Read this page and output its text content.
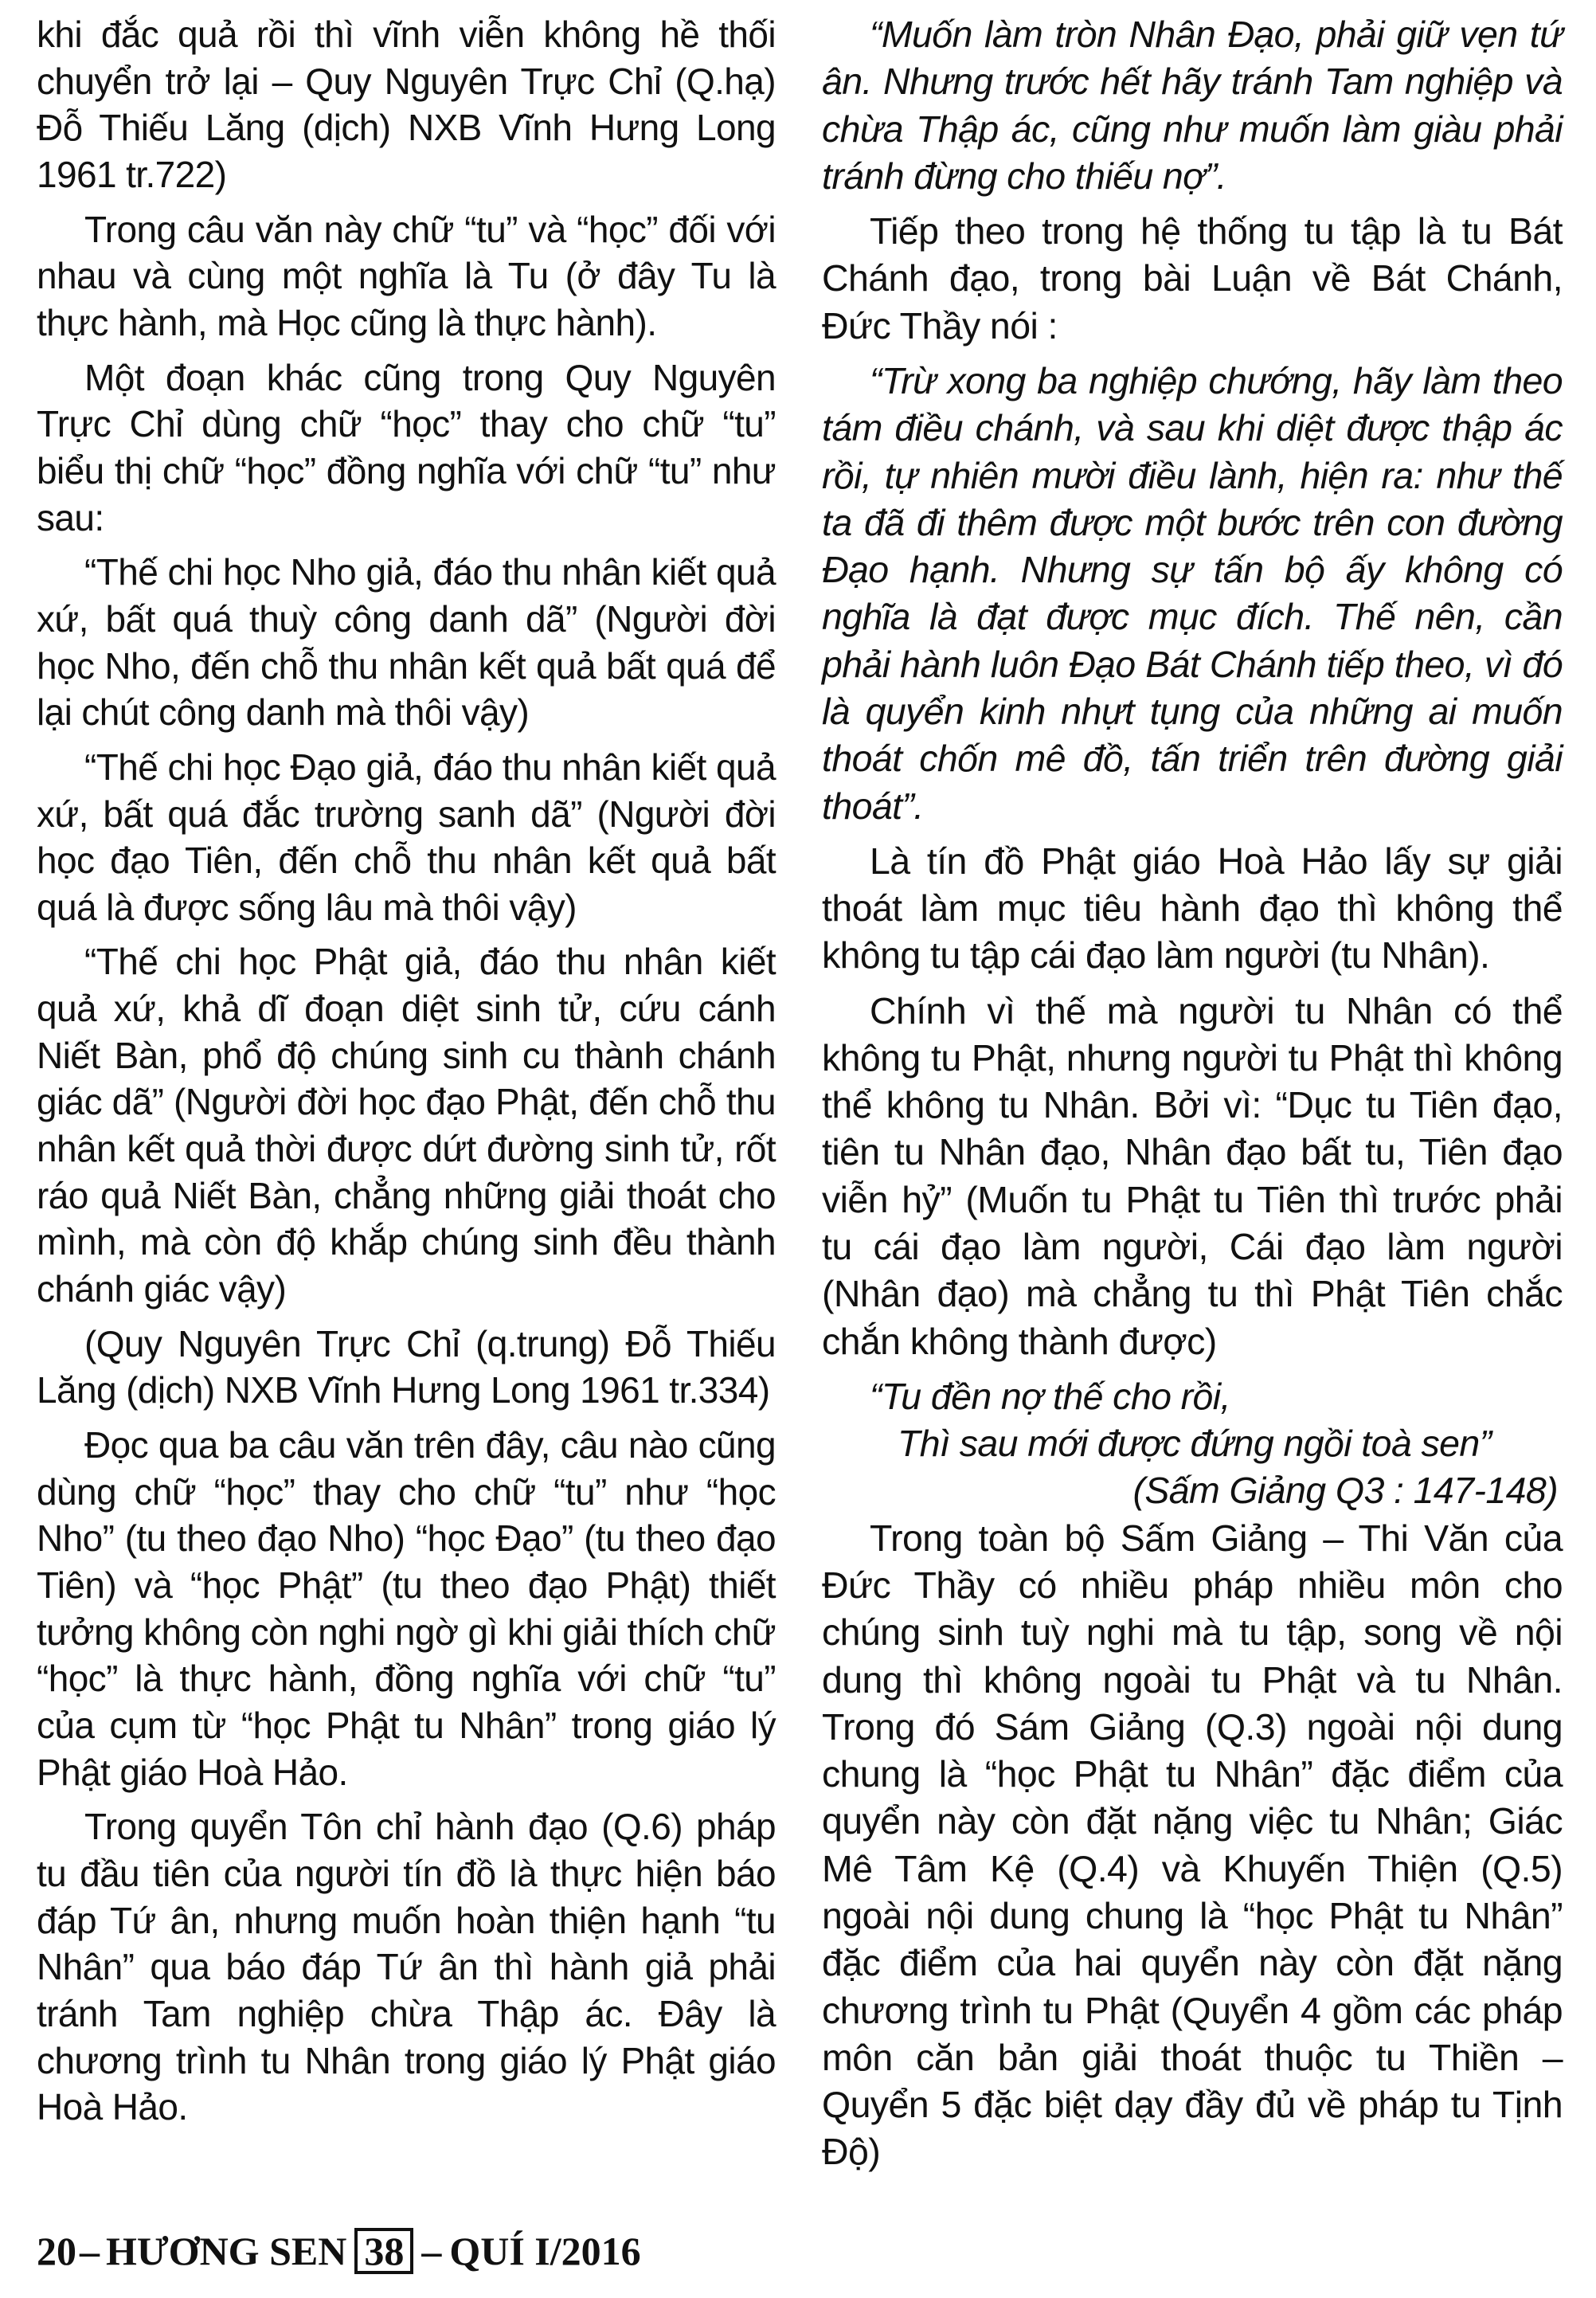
khi đắc quả rồi thì vĩnh viễn không hề thối chuyển trở lại – Quy Nguyên Trực Chỉ (Q.hạ) Đỗ Thiếu Lăng (dịch) NXB Vĩnh Hưng Long 1961 tr.722)

Trong câu văn này chữ “tu” và “học” đối với nhau và cùng một nghĩa là Tu (ở đây Tu là thực hành, mà Học cũng là thực hành).

Một đoạn khác cũng trong Quy Nguyên Trực Chỉ dùng chữ “học” thay cho chữ “tu” biểu thị chữ “học” đồng nghĩa với chữ “tu” như sau:

“Thế chi học Nho giả, đáo thu nhân kiết quả xứ, bất quá thuỳ công danh dã” (Người đời học Nho, đến chỗ thu nhân kết quả bất quá để lại chút công danh mà thôi vậy)

“Thế chi học Đạo giả, đáo thu nhân kiết quả xứ, bất quá đắc trường sanh dã” (Người đời học đạo Tiên, đến chỗ thu nhân kết quả bất quá là được sống lâu mà thôi vậy)

“Thế chi học Phật giả, đáo thu nhân kiết quả xứ, khả dĩ đoạn diệt sinh tử, cứu cánh Niết Bàn, phổ độ chúng sinh cu thành chánh giác dã” (Người đời học đạo Phật, đến chỗ thu nhân kết quả thời được dứt đường sinh tử, rốt ráo quả Niết Bàn, chẳng những giải thoát cho mình, mà còn độ khắp chúng sinh đều thành chánh giác vậy)

(Quy Nguyên Trực Chỉ (q.trung) Đỗ Thiếu Lăng (dịch) NXB Vĩnh Hưng Long 1961 tr.334)

Đọc qua ba câu văn trên đây, câu nào cũng dùng chữ “học” thay cho chữ “tu” như “học Nho” (tu theo đạo Nho) “học Đạo” (tu theo đạo Tiên) và “học Phật” (tu theo đạo Phật) thiết tưởng không còn nghi ngờ gì khi giải thích chữ “học” là thực hành, đồng nghĩa với chữ “tu” của cụm từ “học Phật tu Nhân” trong giáo lý Phật giáo Hoà Hảo.

Trong quyển Tôn chỉ hành đạo (Q.6) pháp tu đầu tiên của người tín đồ là thực hiện báo đáp Tứ ân, nhưng muốn hoàn thiện hạnh “tu Nhân” qua báo đáp Tứ ân thì hành giả phải tránh Tam nghiệp chừa Thập ác. Đây là chương trình tu Nhân trong giáo lý Phật giáo Hoà Hảo.

“Muốn làm tròn Nhân Đạo, phải giữ vẹn tứ ân. Nhưng trước hết hãy tránh Tam nghiệp và chừa Thập ác, cũng như muốn làm giàu phải tránh đừng cho thiếu nợ”.

Tiếp theo trong hệ thống tu tập là tu Bát Chánh đạo, trong bài Luận về Bát Chánh, Đức Thầy nói :

“Trừ xong ba nghiệp chướng, hãy làm theo tám điều chánh, và sau khi diệt được thập ác rồi, tự nhiên mười điều lành, hiện ra: như thế ta đã đi thêm được một bước trên con đường Đạo hạnh. Nhưng sự tấn bộ ấy không có nghĩa là đạt được mục đích. Thế nên, cần phải hành luôn Đạo Bát Chánh tiếp theo, vì đó là quyển kinh nhựt tụng của những ai muốn thoát chốn mê đồ, tấn triển trên đường giải thoát”.

Là tín đồ Phật giáo Hoà Hảo lấy sự giải thoát làm mục tiêu hành đạo thì không thể không tu tập cái đạo làm người (tu Nhân).

Chính vì thế mà người tu Nhân có thể không tu Phật, nhưng người tu Phật thì không thể không tu Nhân. Bởi vì: “Dục tu Tiên đạo, tiên tu Nhân đạo, Nhân đạo bất tu, Tiên đạo viễn hỷ” (Muốn tu Phật tu Tiên thì trước phải tu cái đạo làm người, Cái đạo làm người (Nhân đạo) mà chẳng tu thì Phật Tiên chắc chắn không thành được)

“Tu đền nợ thế cho rồi,

Thì sau mới được đứng ngồi toà sen”

(Sấm Giảng Q3 : 147-148)

Trong toàn bộ Sấm Giảng – Thi Văn của Đức Thầy có nhiều pháp nhiều môn cho chúng sinh tuỳ nghi mà tu tập, song về nội dung thì không ngoài tu Phật và tu Nhân. Trong đó Sám Giảng (Q.3) ngoài nội dung chung là “học Phật tu Nhân” đặc điểm của quyển này còn đặt nặng việc tu Nhân; Giác Mê Tâm Kệ (Q.4) và Khuyến Thiện (Q.5) ngoài nội dung chung là “học Phật tu Nhân” đặc điểm của hai quyển này còn đặt nặng chương trình tu Phật (Quyển 4 gồm các pháp môn căn bản giải thoát thuộc tu Thiền – Quyển 5 đặc biệt dạy đầy đủ về pháp tu Tịnh Độ)

20 – HƯƠNG SEN 38 – QUÍ I/2016
